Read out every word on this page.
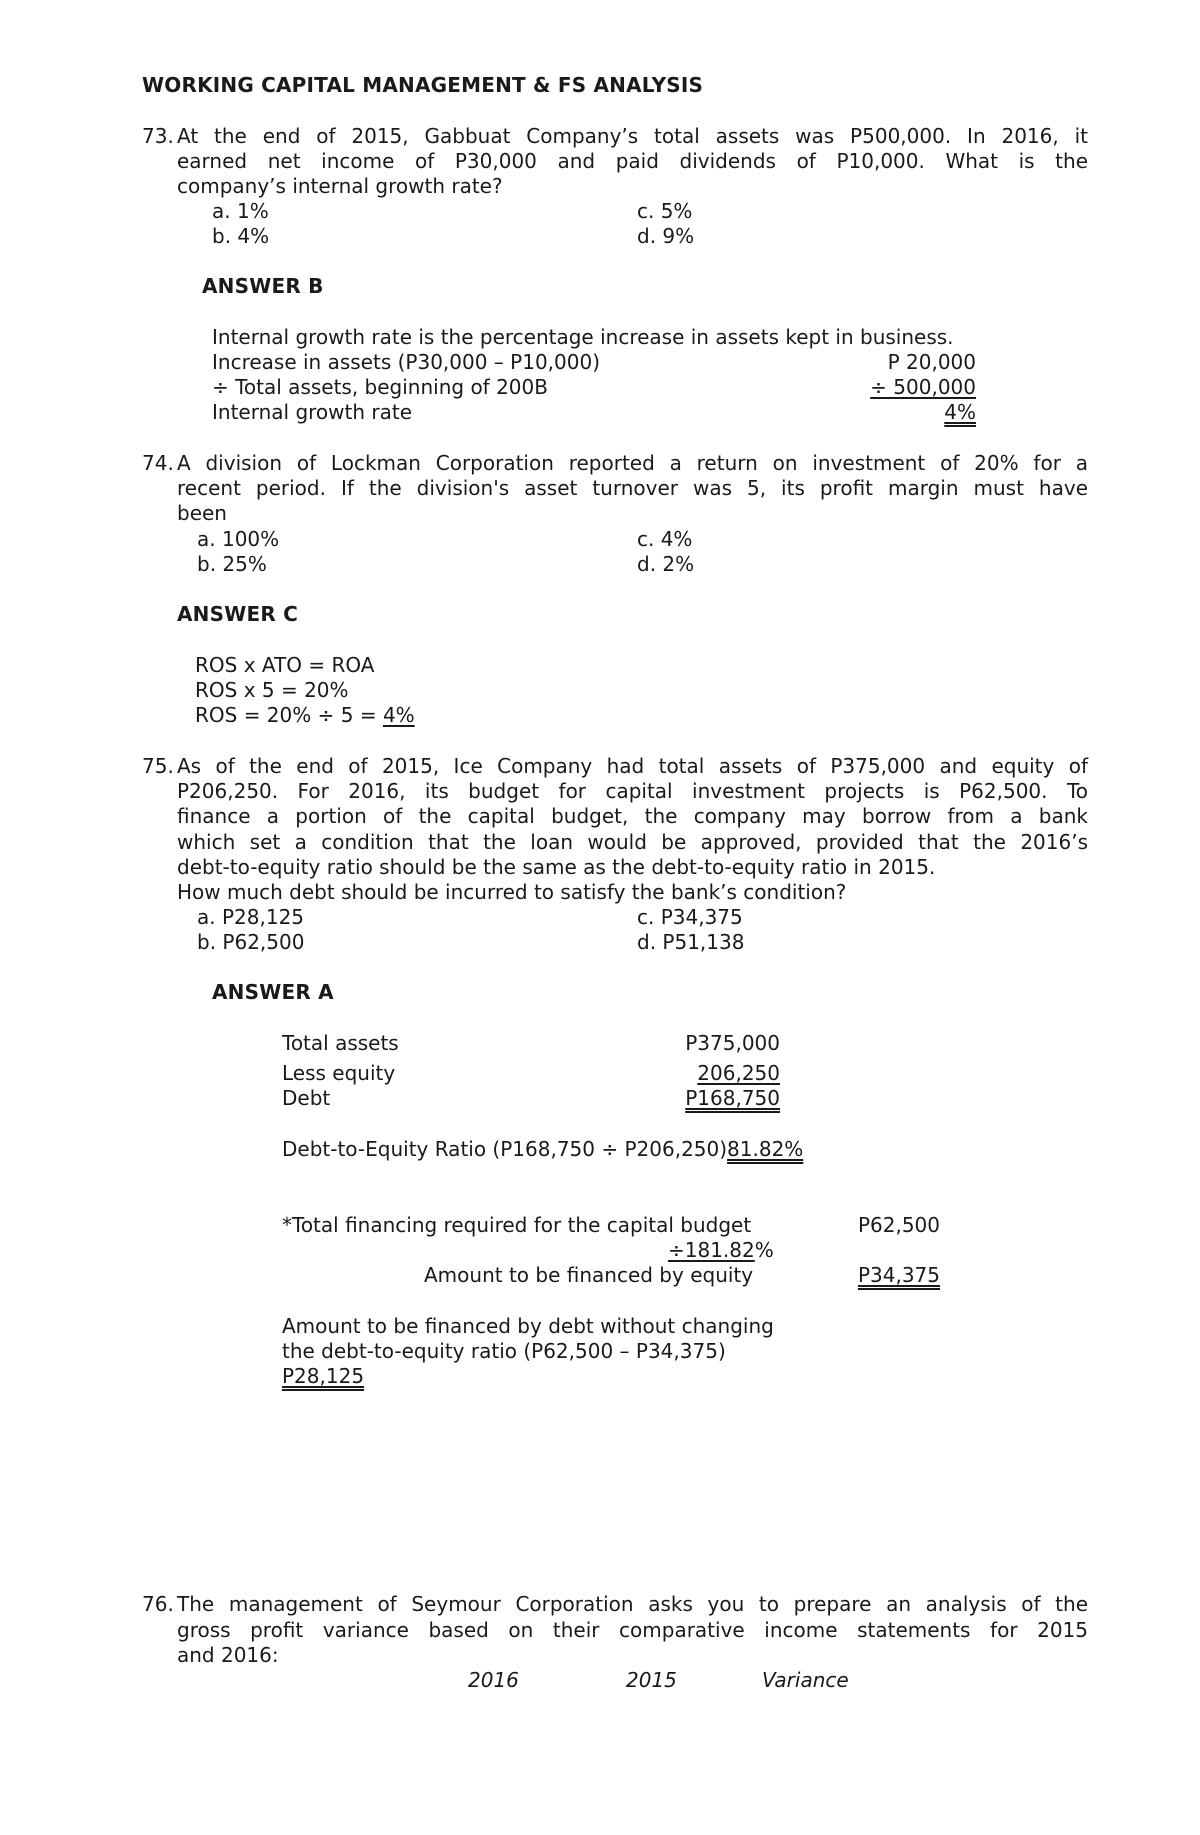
WORKING CAPITAL MANAGEMENT & FS ANALYSIS
73. At the end of 2015, Gabbuat Company’s total assets was P500,000. In 2016, it
earned net income of P30,000 and paid dividends of P10,000. What is the
company’s internal growth rate?
a. 1%	c. 5%
b. 4%	d. 9%
ANSWER B
Internal growth rate is the percentage increase in assets kept in business.
Increase in assets (P30,000 – P10,000)	P 20,000
÷ Total assets, beginning of 200B	÷ 500,000
Internal growth rate	4%
74. A division of Lockman Corporation reported a return on investment of 20% for a
recent period. If the division's asset turnover was 5, its profit margin must have
been
a. 100%	c. 4%
b. 25%	d. 2%
ANSWER C
ROS x ATO = ROA
ROS x 5 = 20%
ROS = 20% ÷ 5 = 4%
75. As of the end of 2015, Ice Company had total assets of P375,000 and equity of
P206,250. For 2016, its budget for capital investment projects is P62,500. To
finance a portion of the capital budget, the company may borrow from a bank
which set a condition that the loan would be approved, provided that the 2016’s
debt-to-equity ratio should be the same as the debt-to-equity ratio in 2015.
How much debt should be incurred to satisfy the bank’s condition?
a. P28,125	c. P34,375
b. P62,500	d. P51,138
ANSWER A
Total assets	P375,000
Less equity	206,250
Debt	P168,750
Debt-to-Equity Ratio (P168,750 ÷ P206,250)81.82%
*Total financing required for the capital budget	P62,500
÷181.82%
Amount to be financed by equity	P34,375
Amount to be financed by debt without changing
the debt-to-equity ratio (P62,500 – P34,375)
P28,125
76. The management of Seymour Corporation asks you to prepare an analysis of the
gross profit variance based on their comparative income statements for 2015
and 2016:
2016	2015	Variance
